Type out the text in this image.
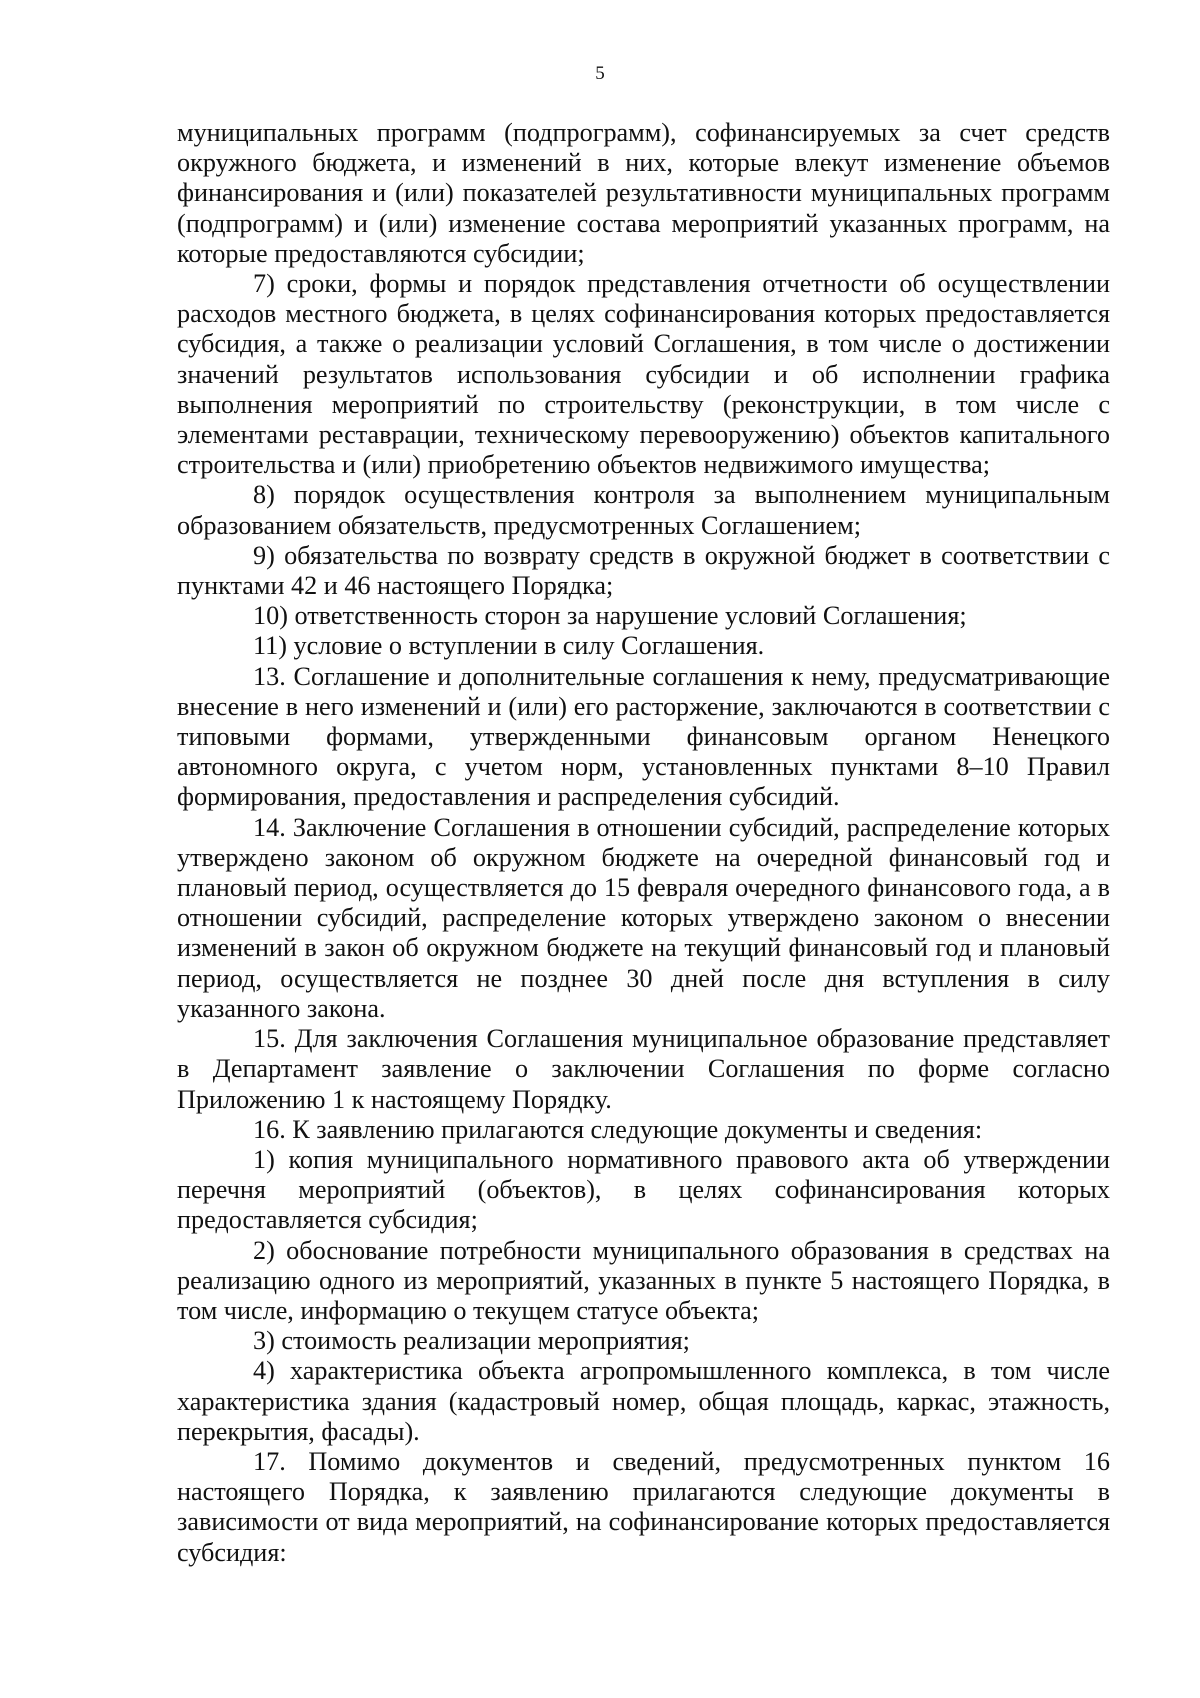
5

муниципальных программ (подпрограмм), софинансируемых за счет средств окружного бюджета, и изменений в них, которые влекут изменение объемов финансирования и (или) показателей результативности муниципальных программ (подпрограмм) и (или) изменение состава мероприятий указанных программ, на которые предоставляются субсидии;

7) сроки, формы и порядок представления отчетности об осуществлении расходов местного бюджета, в целях софинансирования которых предоставляется субсидия, а также о реализации условий Соглашения, в том числе о достижении значений результатов использования субсидии и об исполнении графика выполнения мероприятий по строительству (реконструкции, в том числе с элементами реставрации, техническому перевооружению) объектов капитального строительства и (или) приобретению объектов недвижимого имущества;

8) порядок осуществления контроля за выполнением муниципальным образованием обязательств, предусмотренных Соглашением;

9) обязательства по возврату средств в окружной бюджет в соответствии с пунктами 42 и 46 настоящего Порядка;

10) ответственность сторон за нарушение условий Соглашения;

11) условие о вступлении в силу Соглашения.

13. Соглашение и дополнительные соглашения к нему, предусматривающие внесение в него изменений и (или) его расторжение, заключаются в соответствии с типовыми формами, утвержденными финансовым органом Ненецкого автономного округа, с учетом норм, установленных пунктами 8–10 Правил формирования, предоставления и распределения субсидий.

14. Заключение Соглашения в отношении субсидий, распределение которых утверждено законом об окружном бюджете на очередной финансовый год и плановый период, осуществляется до 15 февраля очередного финансового года, а в отношении субсидий, распределение которых утверждено законом о внесении изменений в закон об окружном бюджете на текущий финансовый год и плановый период, осуществляется не позднее 30 дней после дня вступления в силу указанного закона.

15. Для заключения Соглашения муниципальное образование представляет в Департамент заявление о заключении Соглашения по форме согласно Приложению 1 к настоящему Порядку.

16. К заявлению прилагаются следующие документы и сведения:

1) копия муниципального нормативного правового акта об утверждении перечня мероприятий (объектов), в целях софинансирования которых предоставляется субсидия;

2) обоснование потребности муниципального образования в средствах на реализацию одного из мероприятий, указанных в пункте 5 настоящего Порядка, в том числе, информацию о текущем статусе объекта;

3) стоимость реализации мероприятия;

4) характеристика объекта агропромышленного комплекса, в том числе характеристика здания (кадастровый номер, общая площадь, каркас, этажность, перекрытия, фасады).

17. Помимо документов и сведений, предусмотренных пунктом 16 настоящего Порядка, к заявлению прилагаются следующие документы в зависимости от вида мероприятий, на софинансирование которых предоставляется субсидия:
